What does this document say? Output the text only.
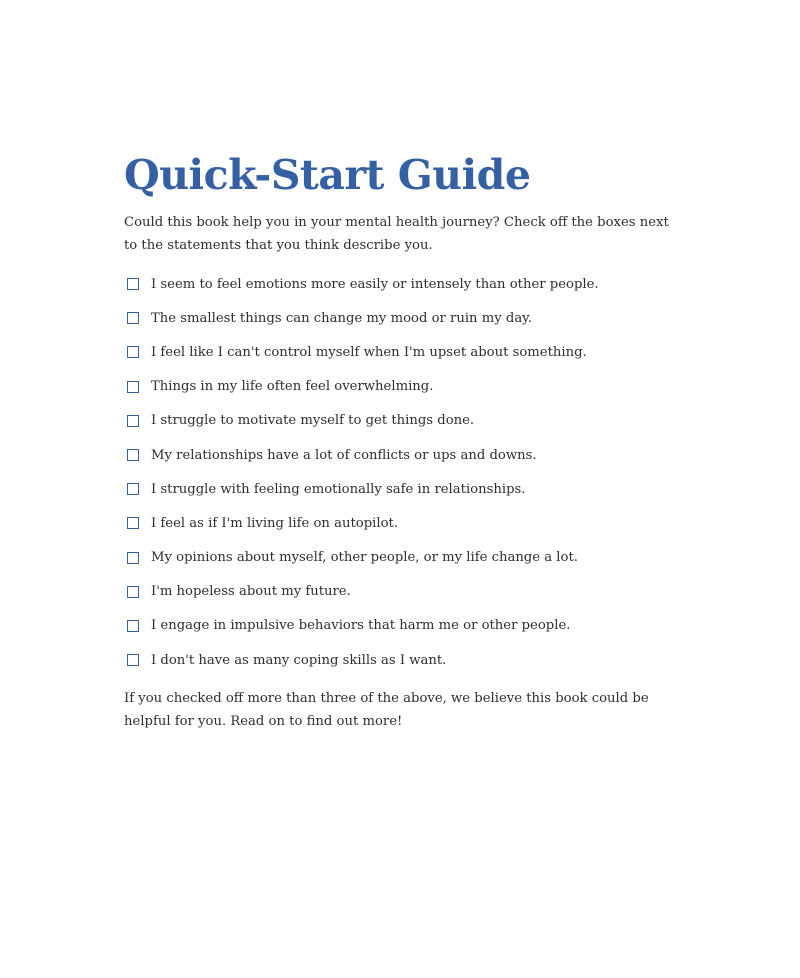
Quick-Start Guide

Could this book help you in your mental health journey? Check off the boxes next to the statements that you think describe you.

I seem to feel emotions more easily or intensely than other people.
The smallest things can change my mood or ruin my day.
I feel like I can't control myself when I'm upset about something.
Things in my life often feel overwhelming.
I struggle to motivate myself to get things done.
My relationships have a lot of conflicts or ups and downs.
I struggle with feeling emotionally safe in relationships.
I feel as if I'm living life on autopilot.
My opinions about myself, other people, or my life change a lot.
I'm hopeless about my future.
I engage in impulsive behaviors that harm me or other people.
I don't have as many coping skills as I want.

If you checked off more than three of the above, we believe this book could be helpful for you. Read on to find out more!
